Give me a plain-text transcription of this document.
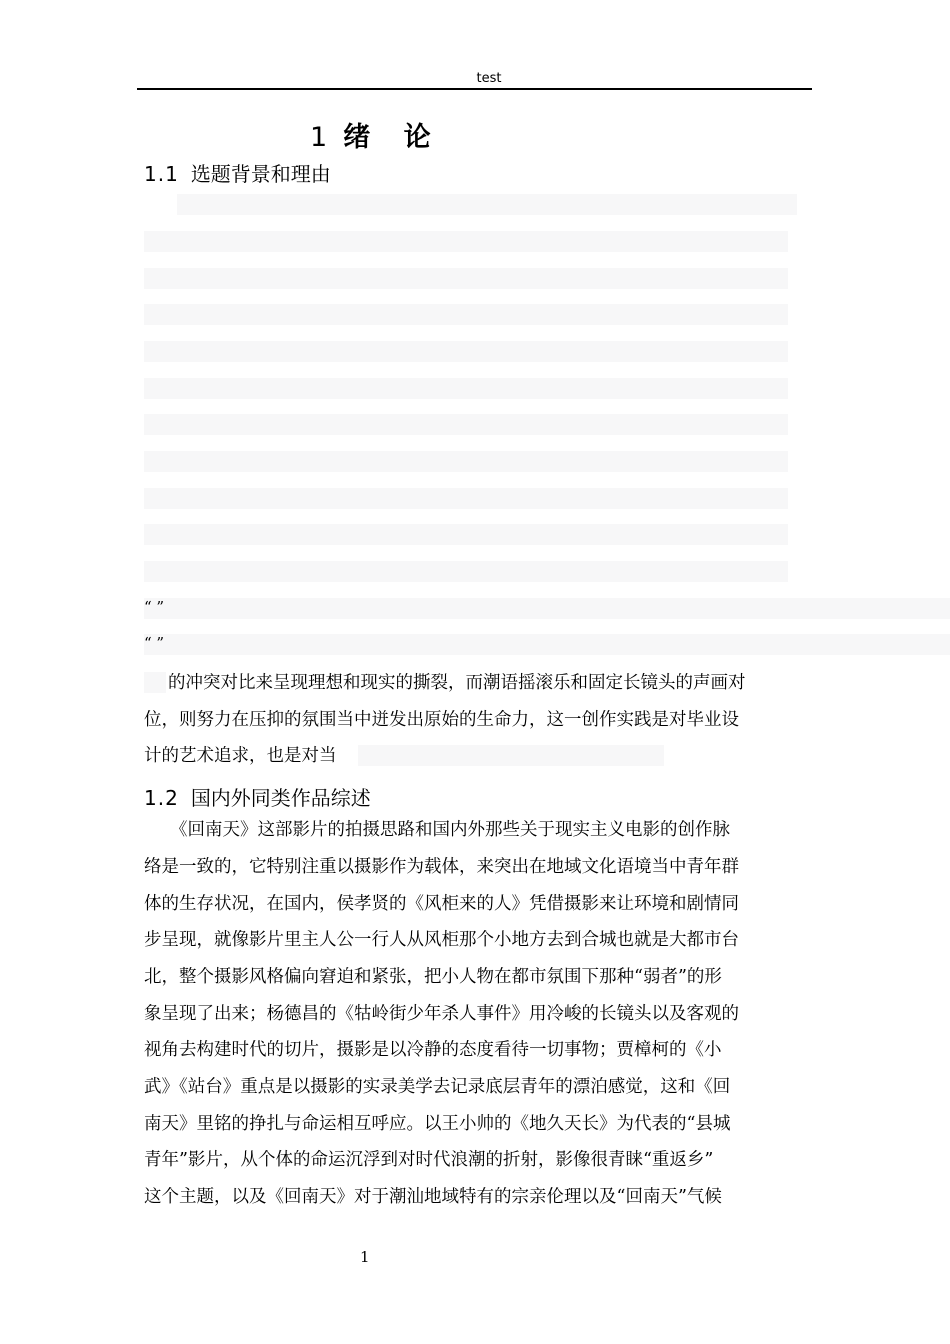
test
1 绪 论
1.1 选题背景和理由
“ ”
“ ”
的冲突对比来呈现理想和现实的撕裂，而潮语摇滚乐和固定长镜头的声画对
位，则努力在压抑的氛围当中迸发出原始的生命力，这一创作实践是对毕业设
计的艺术追求，也是对当
1.2 国内外同类作品综述
《回南天》这部影片的拍摄思路和国内外那些关于现实主义电影的创作脉
络是一致的，它特别注重以摄影作为载体，来突出在地域文化语境当中青年群
体的生存状况，在国内，侯孝贤的《风柜来的人》凭借摄影来让环境和剧情同
步呈现，就像影片里主人公一行人从风柜那个小地方去到合城也就是大都市台
北，整个摄影风格偏向窘迫和紧张，把小人物在都市氛围下那种“弱者”的形
象呈现了出来；杨德昌的《牯岭街少年杀人事件》用冷峻的长镜头以及客观的
视角去构建时代的切片，摄影是以冷静的态度看待一切事物；贾樟柯的《小
武》《站台》重点是以摄影的实录美学去记录底层青年的漂泊感觉，这和《回
南天》里铭的挣扎与命运相互呼应。以王小帅的《地久天长》为代表的“县城
青年”影片，从个体的命运沉浮到对时代浪潮的折射，影像很青睐“重返乡”
这个主题，以及《回南天》对于潮汕地域特有的宗亲伦理以及“回南天”气候
1
